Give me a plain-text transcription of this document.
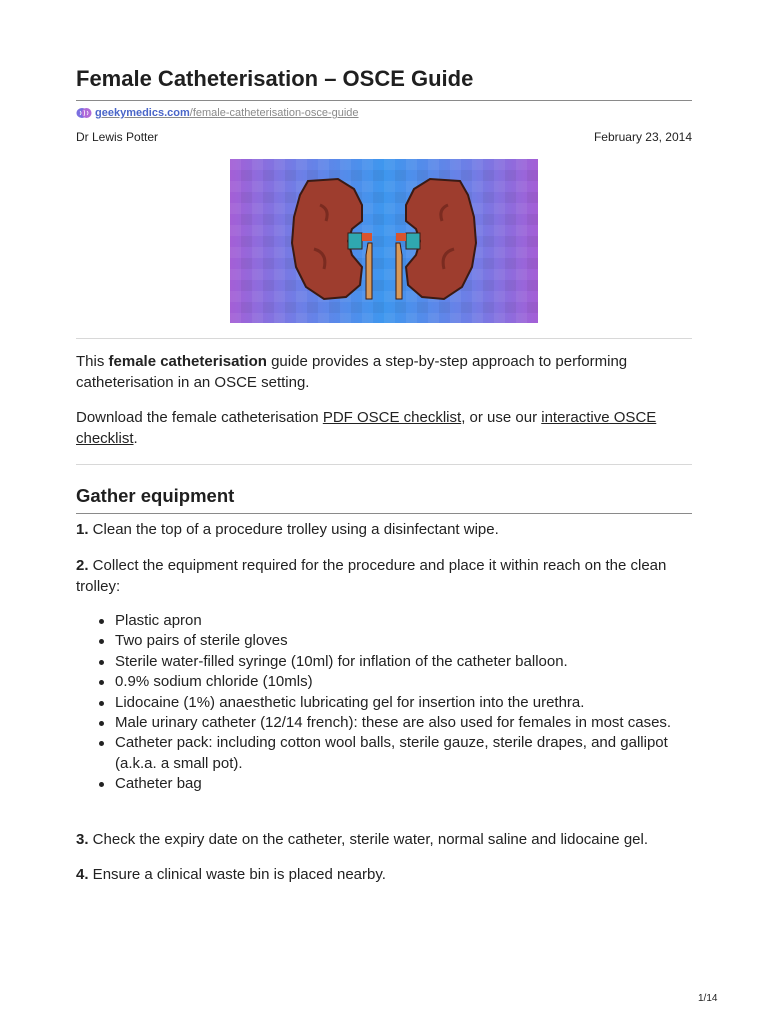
Female Catheterisation – OSCE Guide
geekymedics.com/female-catheterisation-osce-guide
Dr Lewis Potter	February 23, 2014

This female catheterisation guide provides a step-by-step approach to performing catheterisation in an OSCE setting.

Download the female catheterisation PDF OSCE checklist, or use our interactive OSCE checklist.

Gather equipment

1. Clean the top of a procedure trolley using a disinfectant wipe.

2. Collect the equipment required for the procedure and place it within reach on the clean trolley:

Plastic apron
Two pairs of sterile gloves
Sterile water-filled syringe (10ml) for inflation of the catheter balloon.
0.9% sodium chloride (10mls)
Lidocaine (1%) anaesthetic lubricating gel for insertion into the urethra.
Male urinary catheter (12/14 french): these are also used for females in most cases.
Catheter pack: including cotton wool balls, sterile gauze, sterile drapes, and gallipot (a.k.a. a small pot).
Catheter bag

3. Check the expiry date on the catheter, sterile water, normal saline and lidocaine gel.

4. Ensure a clinical waste bin is placed nearby.

1/14
